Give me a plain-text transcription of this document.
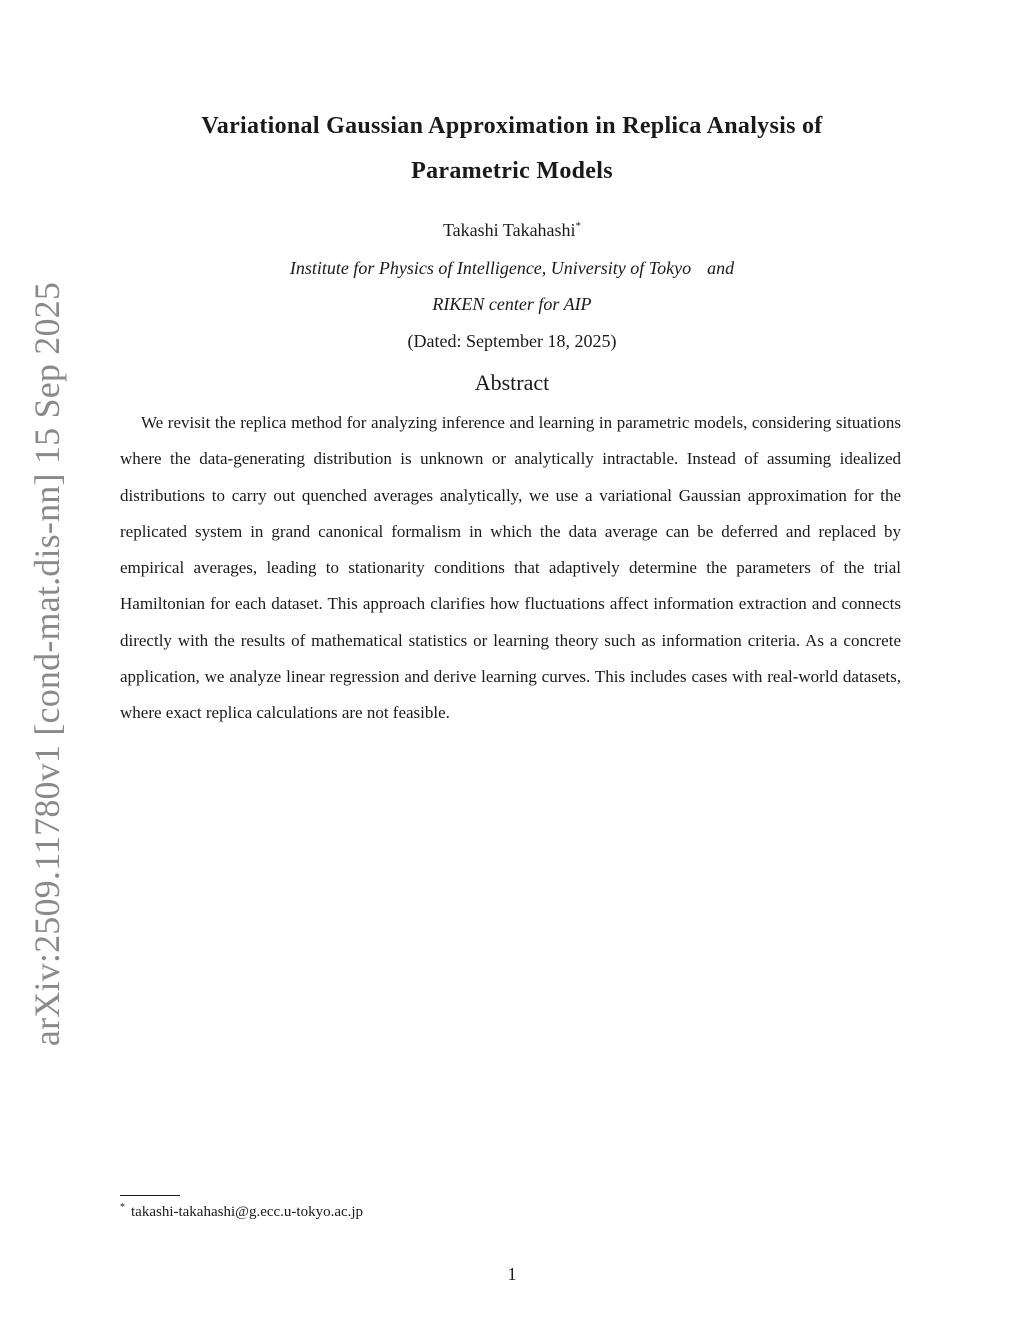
arXiv:2509.11780v1 [cond-mat.dis-nn] 15 Sep 2025
Variational Gaussian Approximation in Replica Analysis of
Parametric Models
Takashi Takahashi*
Institute for Physics of Intelligence, University of Tokyo and
RIKEN center for AIP
(Dated: September 18, 2025)
Abstract
We revisit the replica method for analyzing inference and learning in parametric models, considering situations where the data-generating distribution is unknown or analytically intractable. Instead of assuming idealized distributions to carry out quenched averages analytically, we use a variational Gaussian approximation for the replicated system in grand canonical formalism in which the data average can be deferred and replaced by empirical averages, leading to stationarity conditions that adaptively determine the parameters of the trial Hamiltonian for each dataset. This approach clarifies how fluctuations affect information extraction and connects directly with the results of mathematical statistics or learning theory such as information criteria. As a concrete application, we analyze linear regression and derive learning curves. This includes cases with real-world datasets, where exact replica calculations are not feasible.
* takashi-takahashi@g.ecc.u-tokyo.ac.jp
1
